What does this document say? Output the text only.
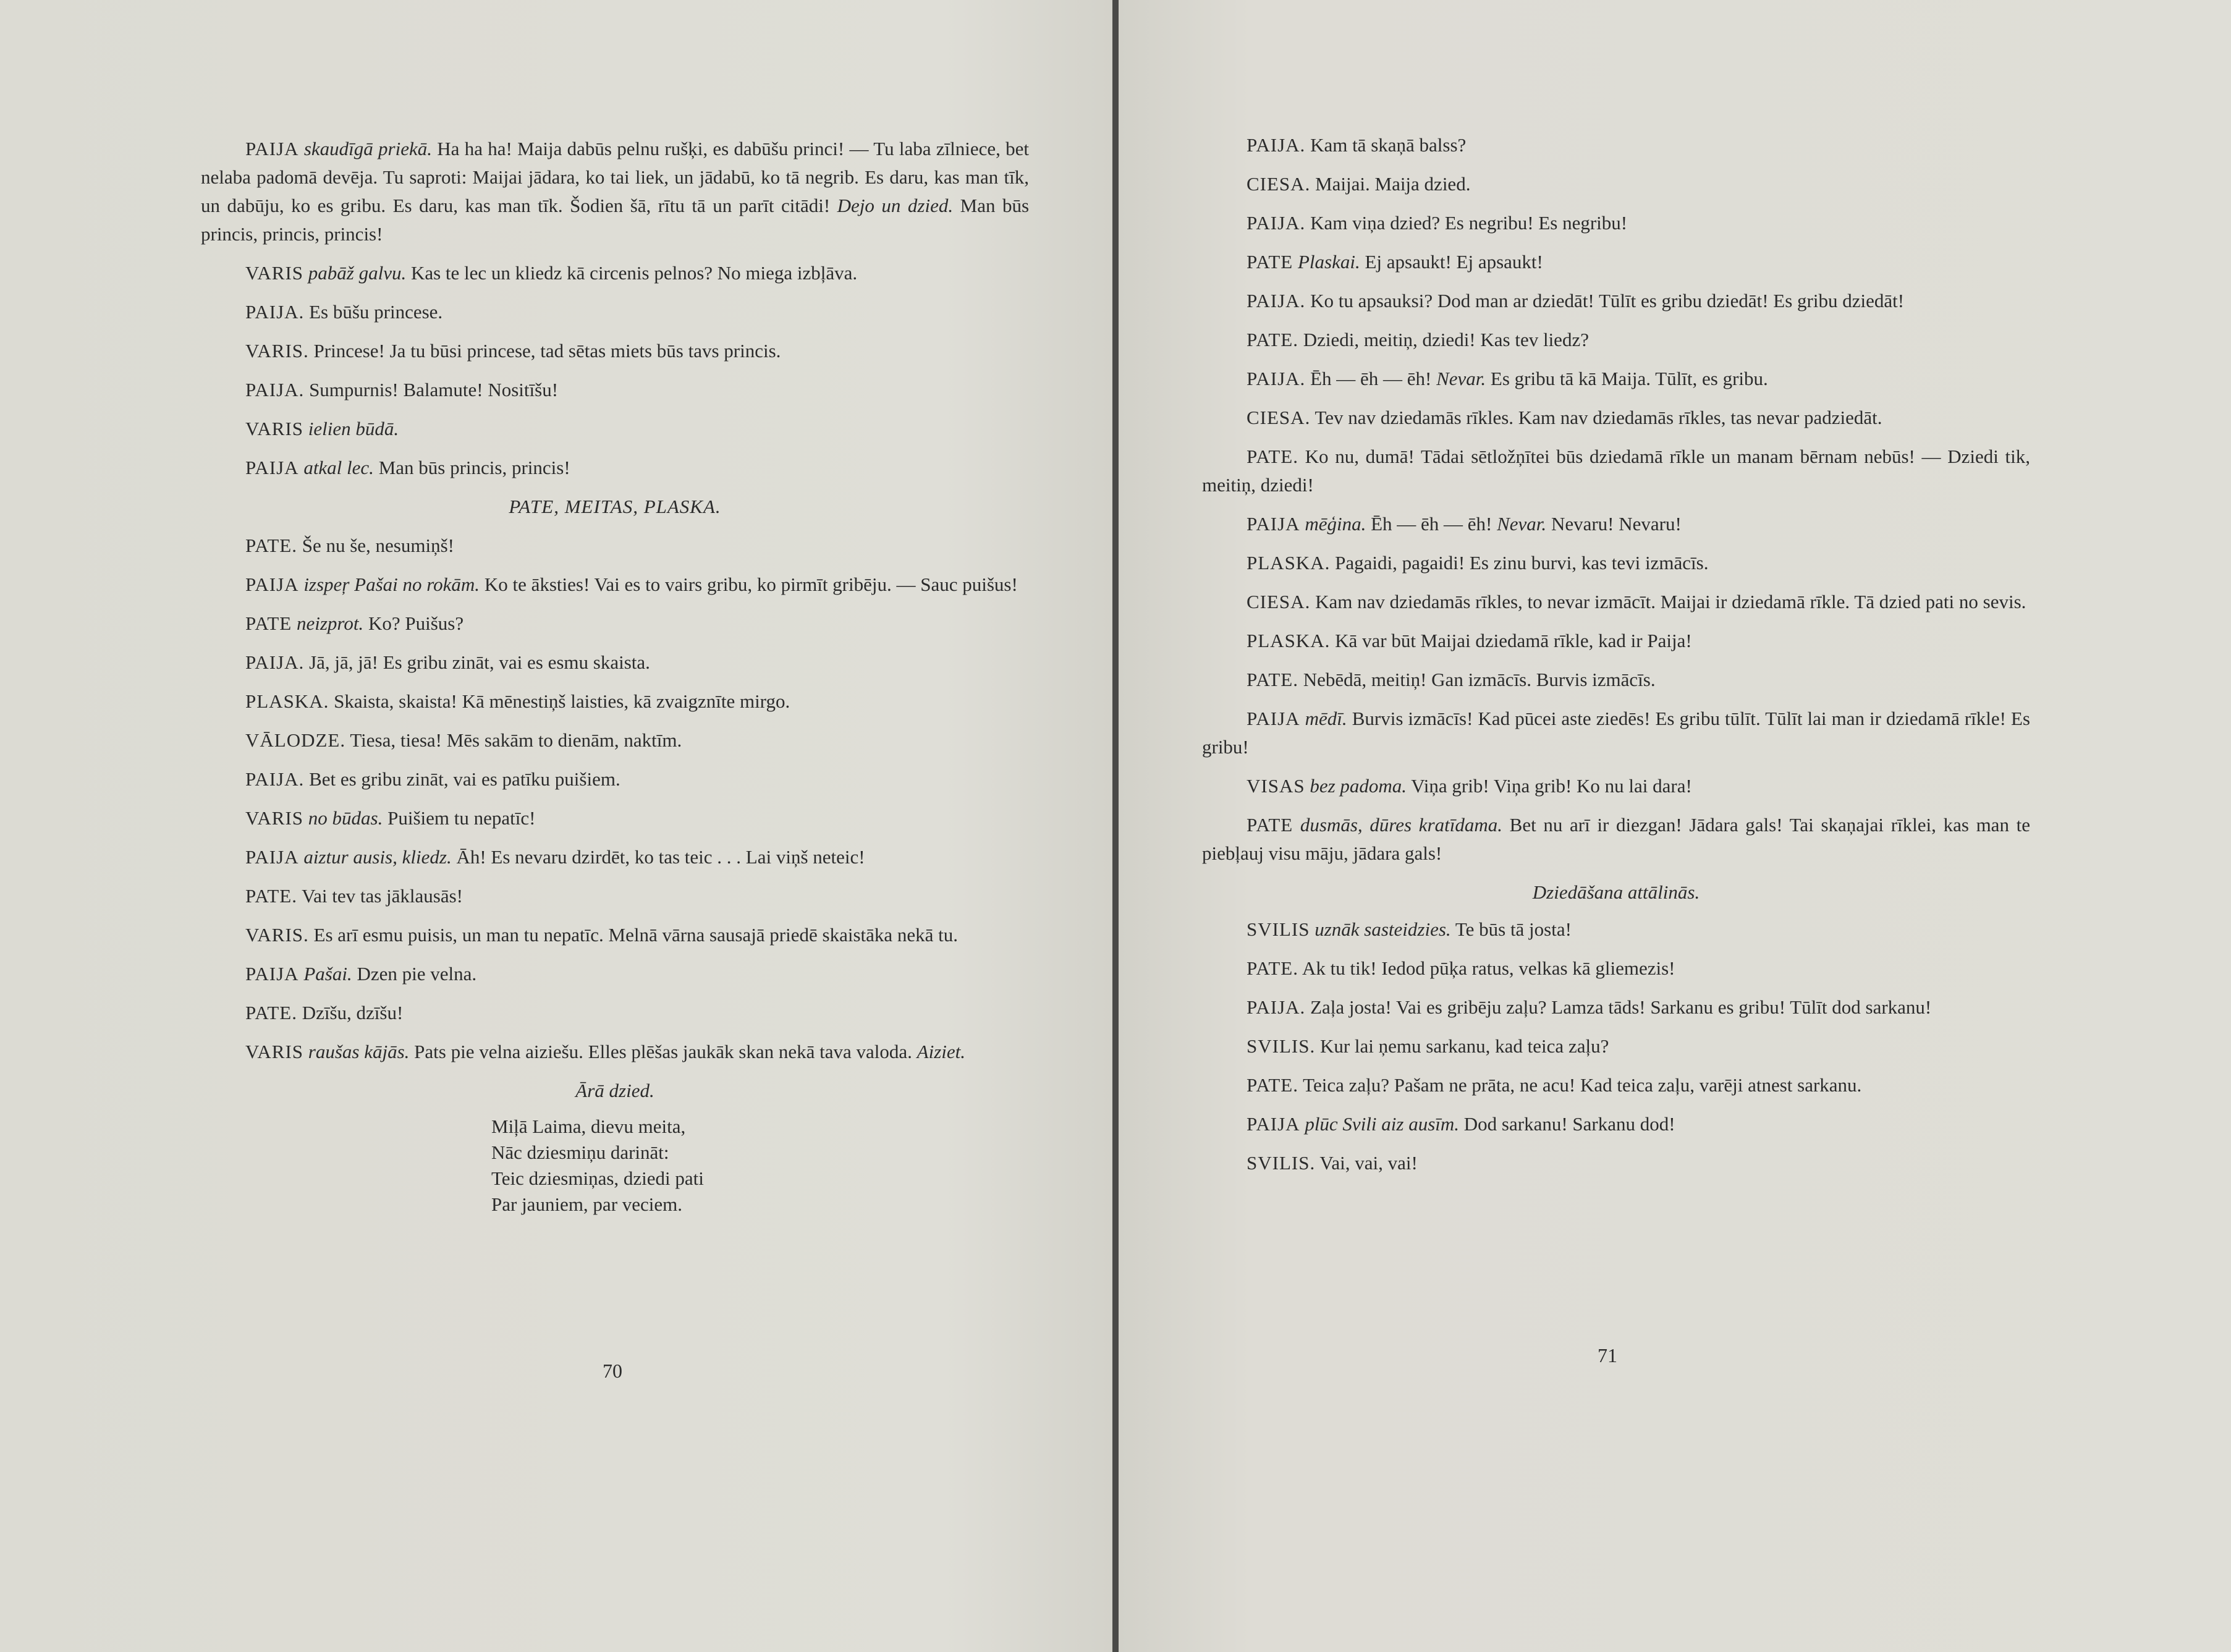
PAIJA skaudīgā priekā. Ha ha ha! Maija dabūs pelnu rušķi, es dabūšu princi! — Tu laba zīlniece, bet nelaba padomā devēja. Tu saproti: Maijai jādara, ko tai liek, un jādabū, ko tā negrib. Es daru, kas man tīk, un dabūju, ko es gribu. Es daru, kas man tīk. Šodien šā, rītu tā un parīt citādi! Dejo un dzied. Man būs princis, princis, princis!

VARIS pabāž galvu. Kas te lec un kliedz kā circenis pelnos? No miega izbļāva.

PAIJA. Es būšu princese.

VARIS. Princese! Ja tu būsi princese, tad sētas miets būs tavs princis.

PAIJA. Sumpurnis! Balamute! Nositīšu!

VARIS ielien būdā.

PAIJA atkal lec. Man būs princis, princis!

PATE, MEITAS, PLASKA.

PATE. Še nu še, nesumiņš!

PAIJA izspeŗ Pašai no rokām. Ko te āksties! Vai es to vairs gribu, ko pirmīt gribēju. — Sauc puišus!

PATE neizprot. Ko? Puišus?

PAIJA. Jā, jā, jā! Es gribu zināt, vai es esmu skaista.

PLASKA. Skaista, skaista! Kā mēnestiņš laisties, kā zvaigznīte mirgo.

VĀLODZE. Tiesa, tiesa! Mēs sakām to dienām, naktīm.

PAIJA. Bet es gribu zināt, vai es patīku puišiem.

VARIS no būdas. Puišiem tu nepatīc!

PAIJA aiztur ausis, kliedz. Āh! Es nevaru dzirdēt, ko tas teic . . . Lai viņš neteic!

PATE. Vai tev tas jāklausās!

VARIS. Es arī esmu puisis, un man tu nepatīc. Melnā vārna sausajā priedē skaistāka nekā tu.

PAIJA Pašai. Dzen pie velna.

PATE. Dzīšu, dzīšu!

VARIS raušas kājās. Pats pie velna aiziešu. Elles plēšas jaukāk skan nekā tava valoda. Aiziet.

Ārā dzied.
Miļā Laima, dievu meita,
Nāc dziesmiņu darināt:
Teic dziesmiņas, dziedi pati
Par jauniem, par veciem.
70

PAIJA. Kam tā skaņā balss?

CIESA. Maijai. Maija dzied.

PAIJA. Kam viņa dzied? Es negribu! Es negribu!

PATE Plaskai. Ej apsaukt! Ej apsaukt!

PAIJA. Ko tu apsauksi? Dod man ar dziedāt! Tūlīt es gribu dziedāt! Es gribu dziedāt!

PATE. Dziedi, meitiņ, dziedi! Kas tev liedz?

PAIJA. Ēh — ēh — ēh! Nevar. Es gribu tā kā Maija. Tūlīt, es gribu.

CIESA. Tev nav dziedamās rīkles. Kam nav dziedamās rīkles, tas nevar padziedāt.

PATE. Ko nu, dumā! Tādai sētložņītei būs dziedamā rīkle un manam bērnam nebūs! — Dziedi tik, meitiņ, dziedi!

PAIJA mēģina. Ēh — ēh — ēh! Nevar. Nevaru! Nevaru!

PLASKA. Pagaidi, pagaidi! Es zinu burvi, kas tevi izmācīs.

CIESA. Kam nav dziedamās rīkles, to nevar izmācīt. Maijai ir dziedamā rīkle. Tā dzied pati no sevis.

PLASKA. Kā var būt Maijai dziedamā rīkle, kad ir Paija!

PATE. Nebēdā, meitiņ! Gan izmācīs. Burvis izmācīs.

PAIJA mēdī. Burvis izmācīs! Kad pūcei aste ziedēs! Es gribu tūlīt. Tūlīt lai man ir dziedamā rīkle! Es gribu!

VISAS bez padoma. Viņa grib! Viņa grib! Ko nu lai dara!

PATE dusmās, dūres kratīdama. Bet nu arī ir diezgan! Jādara gals! Tai skaņajai rīklei, kas man te piebļauj visu māju, jādara gals!

Dziedāšana attālinās.

SVILIS uznāk sasteidzies. Te būs tā josta!

PATE. Ak tu tik! Iedod pūķa ratus, velkas kā gliemezis!

PAIJA. Zaļa josta! Vai es gribēju zaļu? Lamza tāds! Sarkanu es gribu! Tūlīt dod sarkanu!

SVILIS. Kur lai ņemu sarkanu, kad teica zaļu?

PATE. Teica zaļu? Pašam ne prāta, ne acu! Kad teica zaļu, varēji atnest sarkanu.

PAIJA plūc Svili aiz ausīm. Dod sarkanu! Sarkanu dod!

SVILIS. Vai, vai, vai!

71
